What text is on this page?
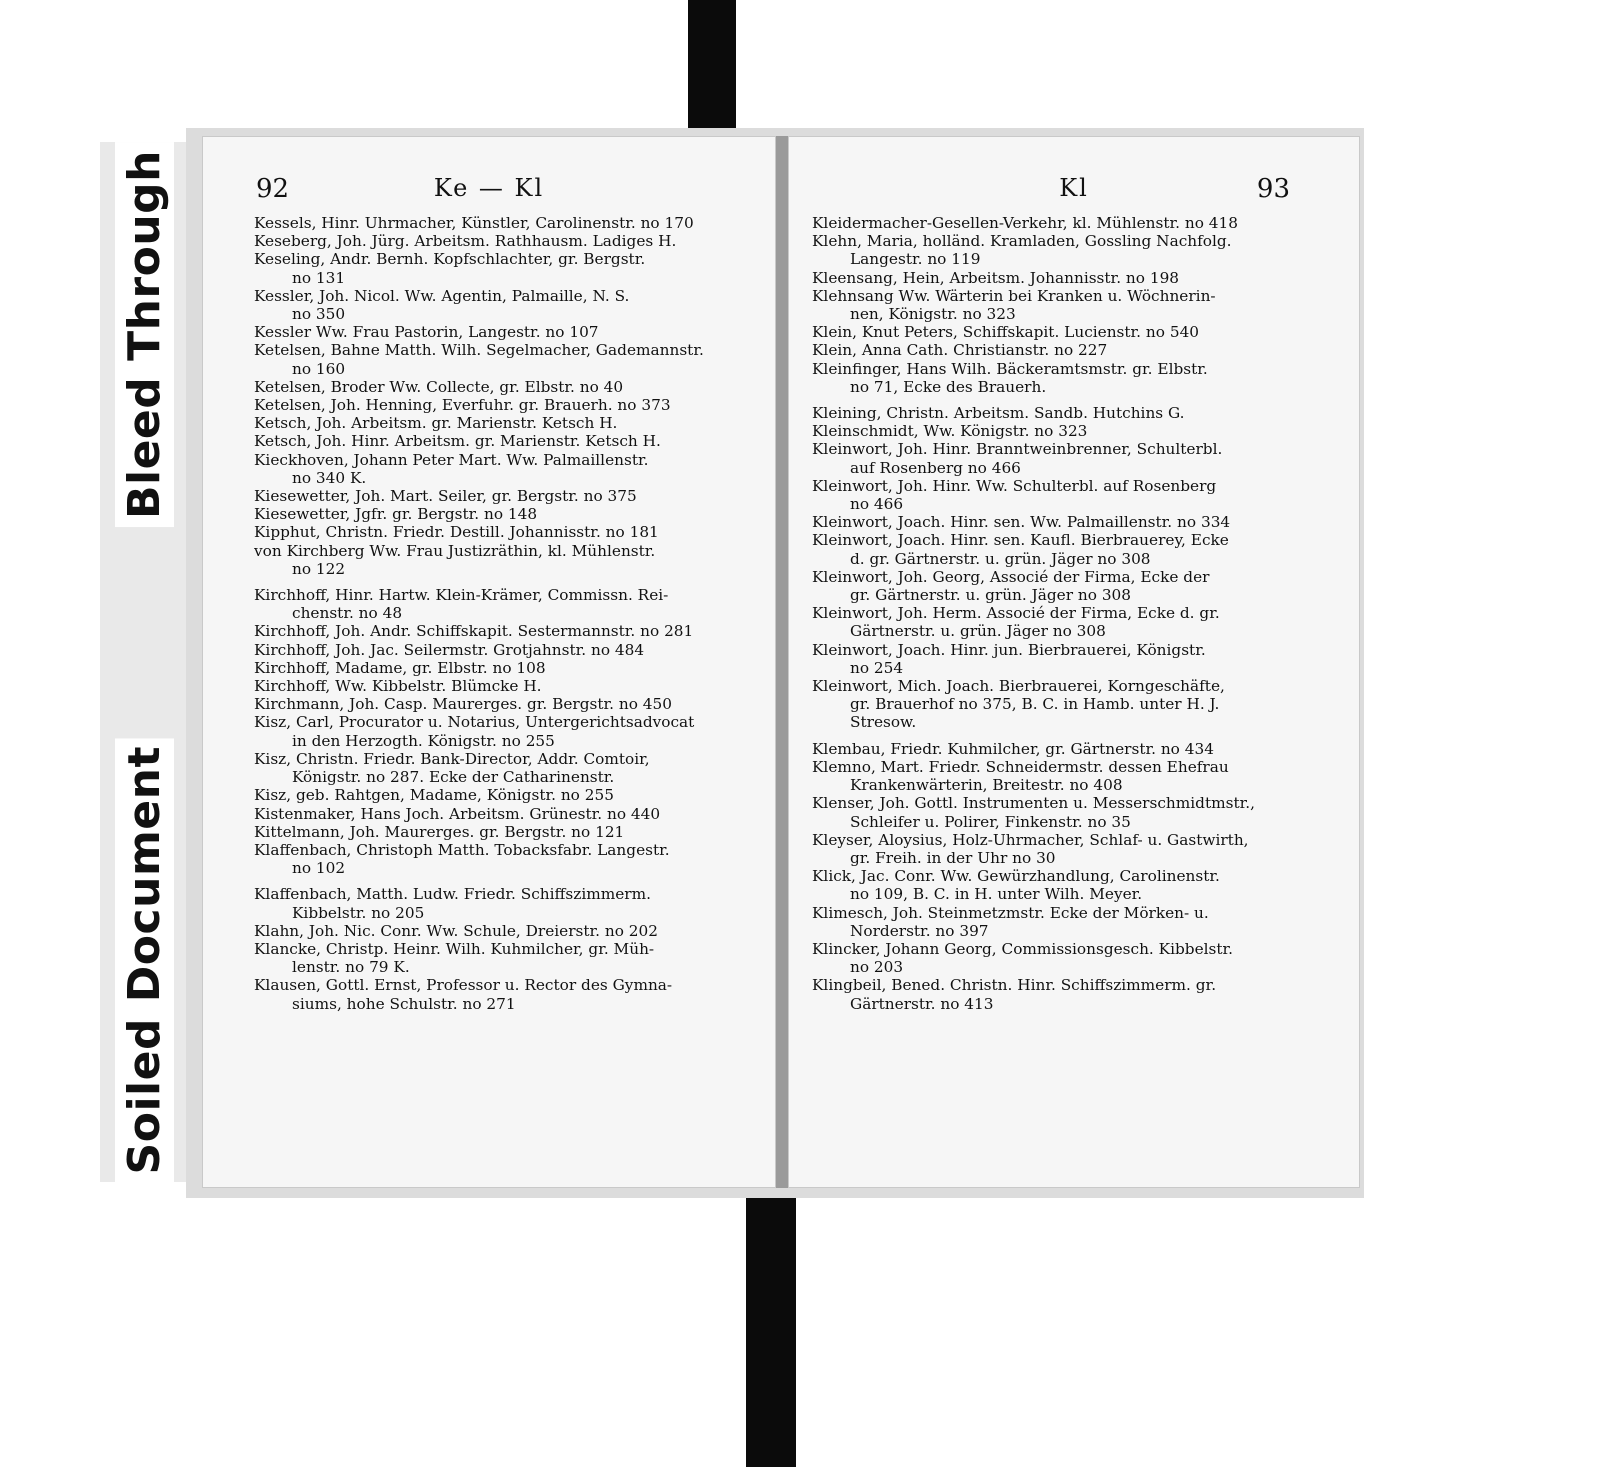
Bleed Through
Soiled Document
92	Ke — Kl
Kessels, Hinr. Uhrmacher, Künstler, Carolinenstr. no 170
Keseberg, Joh. Jürg. Arbeitsm. Rathhausm. Ladiges H.
Keseling, Andr. Bernh. Kopfschlachter, gr. Bergstr.
no 131
Kessler, Joh. Nicol. Ww. Agentin, Palmaille, N. S.
no 350
Kessler Ww. Frau Pastorin, Langestr. no 107
Ketelsen, Bahne Matth. Wilh. Segelmacher, Gademannstr.
no 160
Ketelsen, Broder Ww. Collecte, gr. Elbstr. no 40
Ketelsen, Joh. Henning, Everfuhr. gr. Brauerh. no 373
Ketsch, Joh. Arbeitsm. gr. Marienstr. Ketsch H.
Ketsch, Joh. Hinr. Arbeitsm. gr. Marienstr. Ketsch H.
Kieckhoven, Johann Peter Mart. Ww. Palmaillenstr.
no 340 K.
Kiesewetter, Joh. Mart. Seiler, gr. Bergstr. no 375
Kiesewetter, Jgfr. gr. Bergstr. no 148
Kipphut, Christn. Friedr. Destill. Johannisstr. no 181
von Kirchberg Ww. Frau Justizräthin, kl. Mühlenstr.
no 122
Kirchhoff, Hinr. Hartw. Klein-Krämer, Commissn. Rei-
chenstr. no 48
Kirchhoff, Joh. Andr. Schiffskapit. Sestermannstr. no 281
Kirchhoff, Joh. Jac. Seilermstr. Grotjahnstr. no 484
Kirchhoff, Madame, gr. Elbstr. no 108
Kirchhoff, Ww. Kibbelstr. Blümcke H.
Kirchmann, Joh. Casp. Maurerges. gr. Bergstr. no 450
Kisz, Carl, Procurator u. Notarius, Untergerichtsadvocat
in den Herzogth. Königstr. no 255
Kisz, Christn. Friedr. Bank-Director, Addr. Comtoir,
Königstr. no 287. Ecke der Catharinenstr.
Kisz, geb. Rahtgen, Madame, Königstr. no 255
Kistenmaker, Hans Joch. Arbeitsm. Grünestr. no 440
Kittelmann, Joh. Maurerges. gr. Bergstr. no 121
Klaffenbach, Christoph Matth. Tobacksfabr. Langestr.
no 102
Klaffenbach, Matth. Ludw. Friedr. Schiffszimmerm.
Kibbelstr. no 205
Klahn, Joh. Nic. Conr. Ww. Schule, Dreierstr. no 202
Klancke, Christp. Heinr. Wilh. Kuhmilcher, gr. Müh-
lenstr. no 79 K.
Klausen, Gottl. Ernst, Professor u. Rector des Gymna-
siums, hohe Schulstr. no 271
Kl	93
Kleidermacher-Gesellen-Verkehr, kl. Mühlenstr. no 418
Klehn, Maria, holländ. Kramladen, Gossling Nachfolg.
Langestr. no 119
Kleensang, Hein, Arbeitsm. Johannisstr. no 198
Klehnsang Ww. Wärterin bei Kranken u. Wöchnerin-
nen, Königstr. no 323
Klein, Knut Peters, Schiffskapit. Lucienstr. no 540
Klein, Anna Cath. Christianstr. no 227
Kleinfinger, Hans Wilh. Bäckeramtsmstr. gr. Elbstr.
no 71, Ecke des Brauerh.
Kleining, Christn. Arbeitsm. Sandb. Hutchins G.
Kleinschmidt, Ww. Königstr. no 323
Kleinwort, Joh. Hinr. Branntweinbrenner, Schulterbl.
auf Rosenberg no 466
Kleinwort, Joh. Hinr. Ww. Schulterbl. auf Rosenberg
no 466
Kleinwort, Joach. Hinr. sen. Ww. Palmaillenstr. no 334
Kleinwort, Joach. Hinr. sen. Kaufl. Bierbrauerey, Ecke
d. gr. Gärtnerstr. u. grün. Jäger no 308
Kleinwort, Joh. Georg, Associé der Firma, Ecke der
gr. Gärtnerstr. u. grün. Jäger no 308
Kleinwort, Joh. Herm. Associé der Firma, Ecke d. gr.
Gärtnerstr. u. grün. Jäger no 308
Kleinwort, Joach. Hinr. jun. Bierbrauerei, Königstr.
no 254
Kleinwort, Mich. Joach. Bierbrauerei, Korngeschäfte,
gr. Brauerhof no 375, B. C. in Hamb. unter H. J.
Stresow.
Klembau, Friedr. Kuhmilcher, gr. Gärtnerstr. no 434
Klemno, Mart. Friedr. Schneidermstr. dessen Ehefrau
Krankenwärterin, Breitestr. no 408
Klenser, Joh. Gottl. Instrumenten u. Messerschmidtmstr.,
Schleifer u. Polirer, Finkenstr. no 35
Kleyser, Aloysius, Holz-Uhrmacher, Schlaf- u. Gastwirth,
gr. Freih. in der Uhr no 30
Klick, Jac. Conr. Ww. Gewürzhandlung, Carolinenstr.
no 109, B. C. in H. unter Wilh. Meyer.
Klimesch, Joh. Steinmetzmstr. Ecke der Mörken- u.
Norderstr. no 397
Klincker, Johann Georg, Commissionsgesch. Kibbelstr.
no 203
Klingbeil, Bened. Christn. Hinr. Schiffszimmerm. gr.
Gärtnerstr. no 413
